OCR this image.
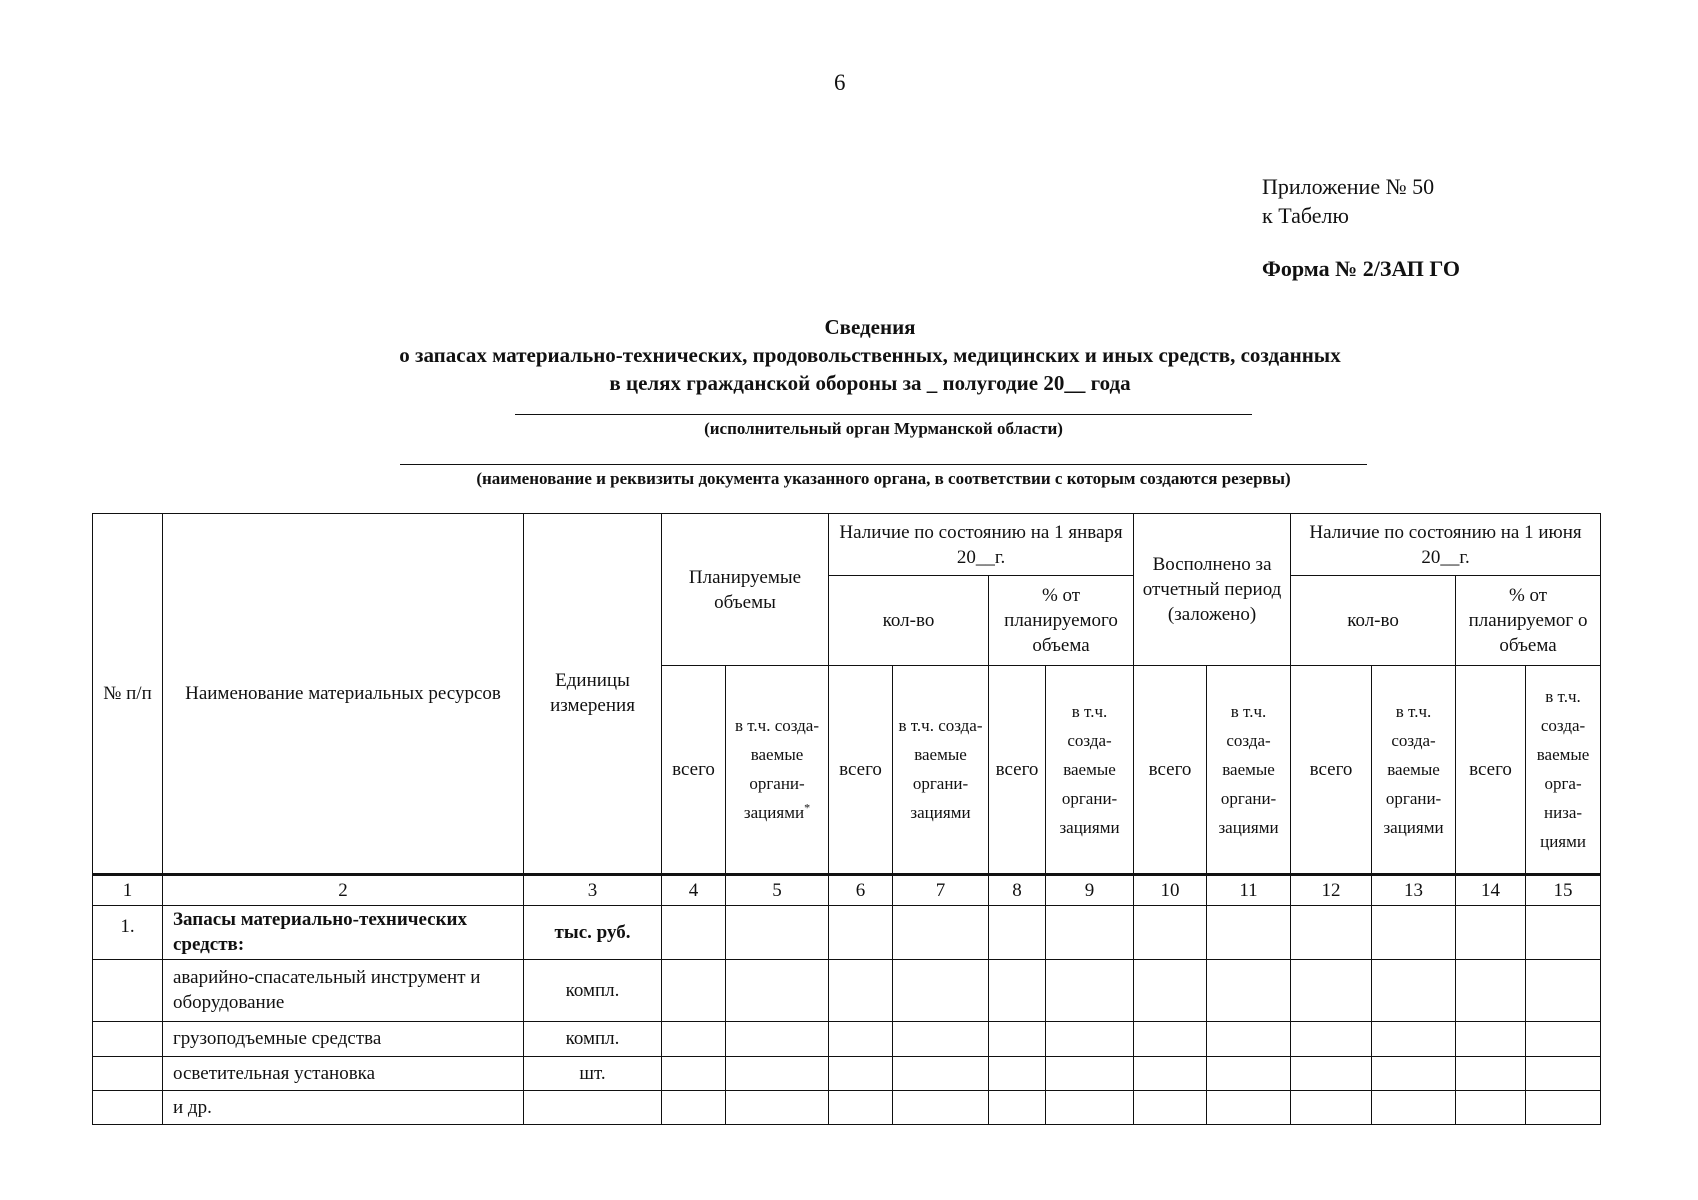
6
Приложение № 50
к Табелю
Форма № 2/ЗАП ГО
Сведения
о запасах материально-технических, продовольственных, медицинских и иных средств, созданных
в целях гражданской обороны за _ полугодие 20__ года
(исполнительный орган Мурманской области)
(наименование и реквизиты документа указанного органа, в соответствии с которым создаются резервы)
№ п/п	Наименование материальных ресурсов	Единицы измерения	Планируемые объемы		Наличие по состоянию на 1 января 20__г.				Восполнено за отчетный период (заложено)		Наличие по состоянию на 1 июня 20__г.			
					кол-во		% от планируемого объема				кол-во		% от планируемог о объема	
			всего	в т.ч. созда-ваемые органи-зациями*	всего	в т.ч. созда-ваемые органи-зациями	всего	в т.ч. созда-ваемые органи-зациями	всего	в т.ч. созда-ваемые органи-зациями	всего	в т.ч. созда-ваемые органи-зациями	всего	в т.ч. созда-ваемые орга-низа-циями
1	2	3	4	5	6	7	8	9	10	11	12	13	14	15
1.	Запасы материально-технических средств:	тыс. руб.												
	аварийно-спасательный инструмент и оборудование	компл.												
	грузоподъемные средства	компл.												
	осветительная установка	шт.												
	и др.													
